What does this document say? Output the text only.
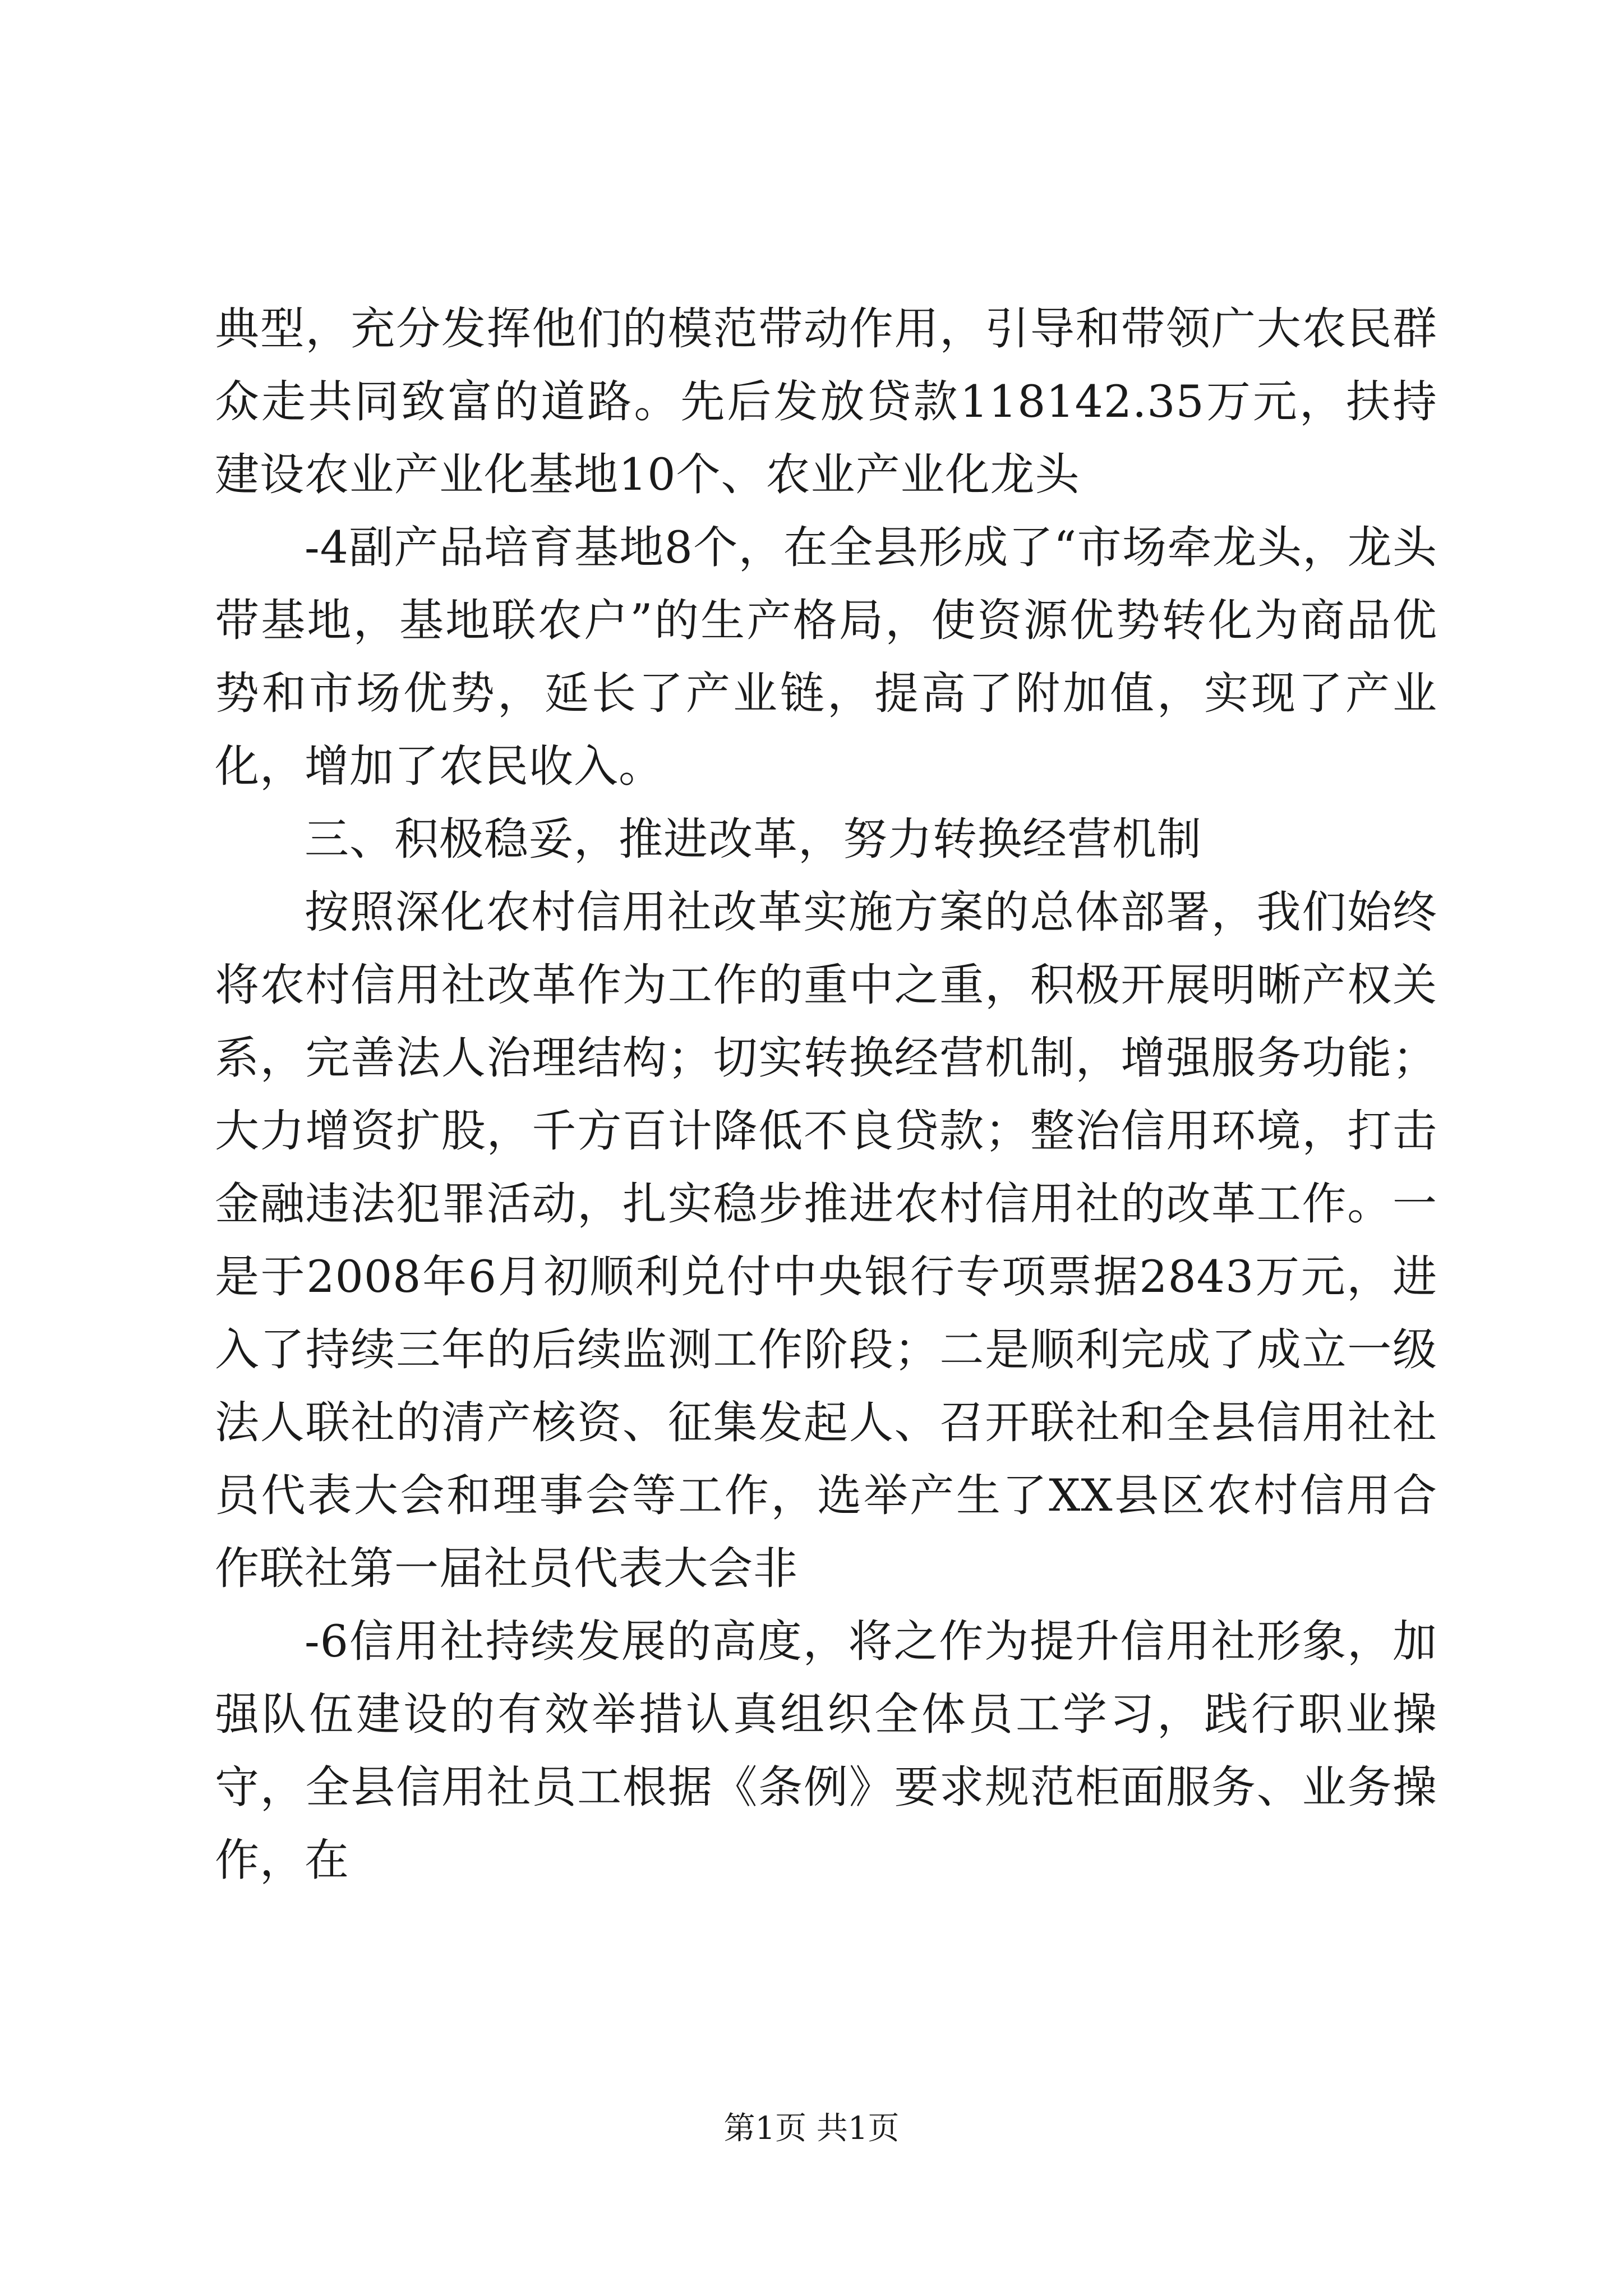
典型，充分发挥他们的模范带动作用，引导和带领广大农民群众走共同致富的道路。先后发放贷款118142.35万元，扶持建设农业产业化基地10个、农业产业化龙头

-4副产品培育基地8个，在全县形成了“市场牵龙头，龙头带基地，基地联农户”的生产格局，使资源优势转化为商品优势和市场优势，延长了产业链，提高了附加值，实现了产业化，增加了农民收入。

三、积极稳妥，推进改革，努力转换经营机制

按照深化农村信用社改革实施方案的总体部署，我们始终将农村信用社改革作为工作的重中之重，积极开展明晰产权关系，完善法人治理结构；切实转换经营机制，增强服务功能；大力增资扩股，千方百计降低不良贷款；整治信用环境，打击金融违法犯罪活动，扎实稳步推进农村信用社的改革工作。一是于2008年6月初顺利兑付中央银行专项票据2843万元，进入了持续三年的后续监测工作阶段；二是顺利完成了成立一级法人联社的清产核资、征集发起人、召开联社和全县信用社社员代表大会和理事会等工作，选举产生了XX县区农村信用合作联社第一届社员代表大会非

-6信用社持续发展的高度，将之作为提升信用社形象，加强队伍建设的有效举措认真组织全体员工学习，践行职业操守，全县信用社员工根据《条例》要求规范柜面服务、业务操作，在

第1页 共1页
